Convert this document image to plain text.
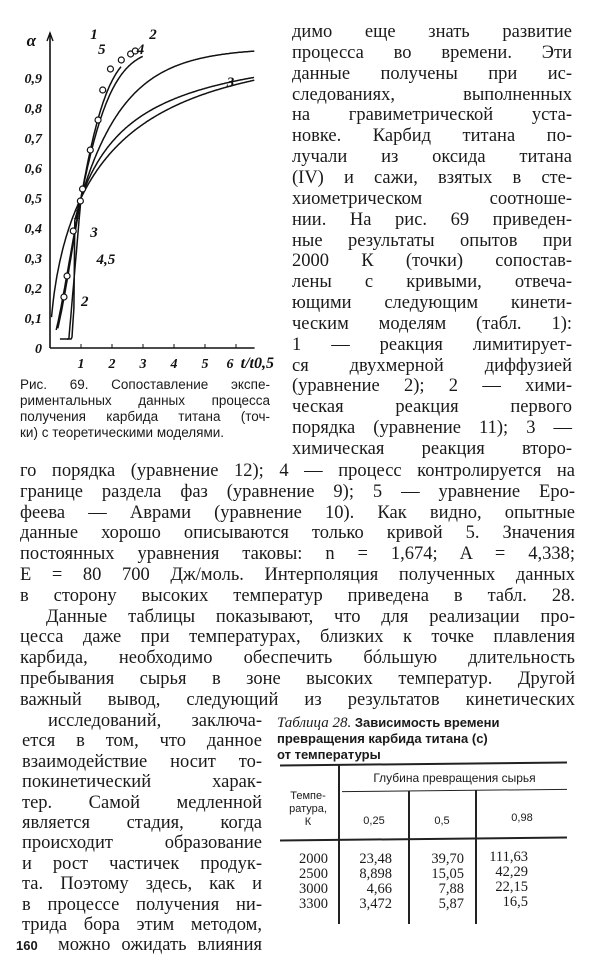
1 2 3 4 5 6
0
0,1
0,2
0,3
0,4
0,5
0,6
0,7
0,8
0,9
α
t/t0,5
1	2
3
4
5
1
3
4,5
2
Рис. 69. Сопоставление экспе-
риментальных данных процесса
получения карбида титана (точ-
ки) с теоретическими моделями.
димо еще знать развитие
процесса во времени. Эти
данные получены при ис-
следованиях, выполненных
на гравиметрической уста-
новке. Карбид титана по-
лучали из оксида титана
(IV) и сажи, взятых в сте-
хиометрическом соотноше-
нии. На рис. 69 приведен-
ные результаты опытов при
2000 К (точки) сопостав-
лены с кривыми, отвеча-
ющими следующим кинети-
ческим моделям (табл. 1):
1 — реакция лимитирует-
ся двухмерной диффузией
(уравнение 2); 2 — хими-
ческая реакция первого
порядка (уравнение 11); 3 —
химическая реакция второ-
го порядка (уравнение 12); 4 — процесс контролируется на
границе раздела фаз (уравнение 9); 5 — уравнение Еро-
феева — Аврами (уравнение 10). Как видно, опытные
данные хорошо описываются только кривой 5. Значения
постоянных уравнения таковы: n = 1,674; A = 4,338;
E = 80 700 Дж/моль. Интерполяция полученных данных
в сторону высоких температур приведена в табл. 28.
Данные таблицы показывают, что для реализации про-
цесса даже при температурах, близких к точке плавления
карбида, необходимо обеспечить бóльшую длительность
пребывания сырья в зоне высоких температур. Другой
важный вывод, следующий из результатов кинетических
исследований, заключа-
ется в том, что данное
взаимодействие носит то-
покинетический харак-
тер. Самой медленной
является стадия, когда
происходит образование
и рост частичек продук-
та. Поэтому здесь, как и
в процессе получения ни-
трида бора этим методом,
можно ожидать влияния
Таблица 28. Зависимость времени
превращения карбида титана (с)
от температуры
Темпе-
ратура,
К
Глубина превращения сырья
0,25	0,5	0,98
2000	23,48	39,70	111,63
2500	8,898	15,05	42,29
3000	4,66	7,88	22,15
3300	3,472	5,87	16,5
160
